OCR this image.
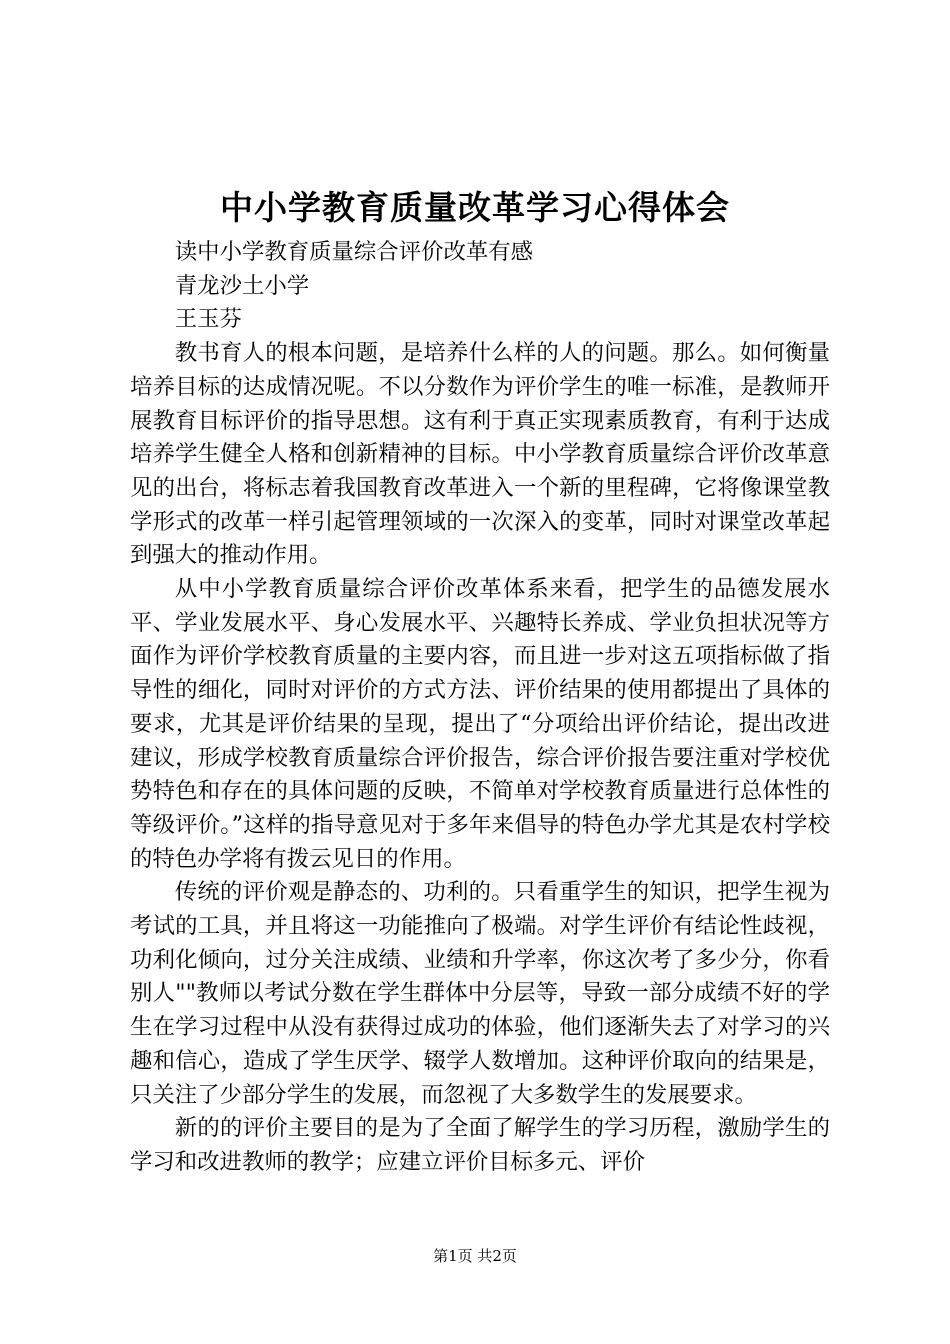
中小学教育质量改革学习心得体会

读中小学教育质量综合评价改革有感

青龙沙土小学

王玉芬

教书育人的根本问题，是培养什么样的人的问题。那么。如何衡量培养目标的达成情况呢。不以分数作为评价学生的唯一标准，是教师开展教育目标评价的指导思想。这有利于真正实现素质教育，有利于达成培养学生健全人格和创新精神的目标。中小学教育质量综合评价改革意见的出台，将标志着我国教育改革进入一个新的里程碑，它将像课堂教学形式的改革一样引起管理领域的一次深入的变革，同时对课堂改革起到强大的推动作用。

从中小学教育质量综合评价改革体系来看，把学生的品德发展水平、学业发展水平、身心发展水平、兴趣特长养成、学业负担状况等方面作为评价学校教育质量的主要内容，而且进一步对这五项指标做了指导性的细化，同时对评价的方式方法、评价结果的使用都提出了具体的要求，尤其是评价结果的呈现，提出了“分项给出评价结论，提出改进建议，形成学校教育质量综合评价报告，综合评价报告要注重对学校优势特色和存在的具体问题的反映，不简单对学校教育质量进行总体性的等级评价。”这样的指导意见对于多年来倡导的特色办学尤其是农村学校的特色办学将有拨云见日的作用。

传统的评价观是静态的、功利的。只看重学生的知识，把学生视为考试的工具，并且将这一功能推向了极端。对学生评价有结论性歧视，功利化倾向，过分关注成绩、业绩和升学率，你这次考了多少分，你看别人""教师以考试分数在学生群体中分层等，导致一部分成绩不好的学生在学习过程中从没有获得过成功的体验，他们逐渐失去了对学习的兴趣和信心，造成了学生厌学、辍学人数增加。这种评价取向的结果是，只关注了少部分学生的发展，而忽视了大多数学生的发展要求。

新的的评价主要目的是为了全面了解学生的学习历程，激励学生的学习和改进教师的教学；应建立评价目标多元、评价

第1页 共2页
